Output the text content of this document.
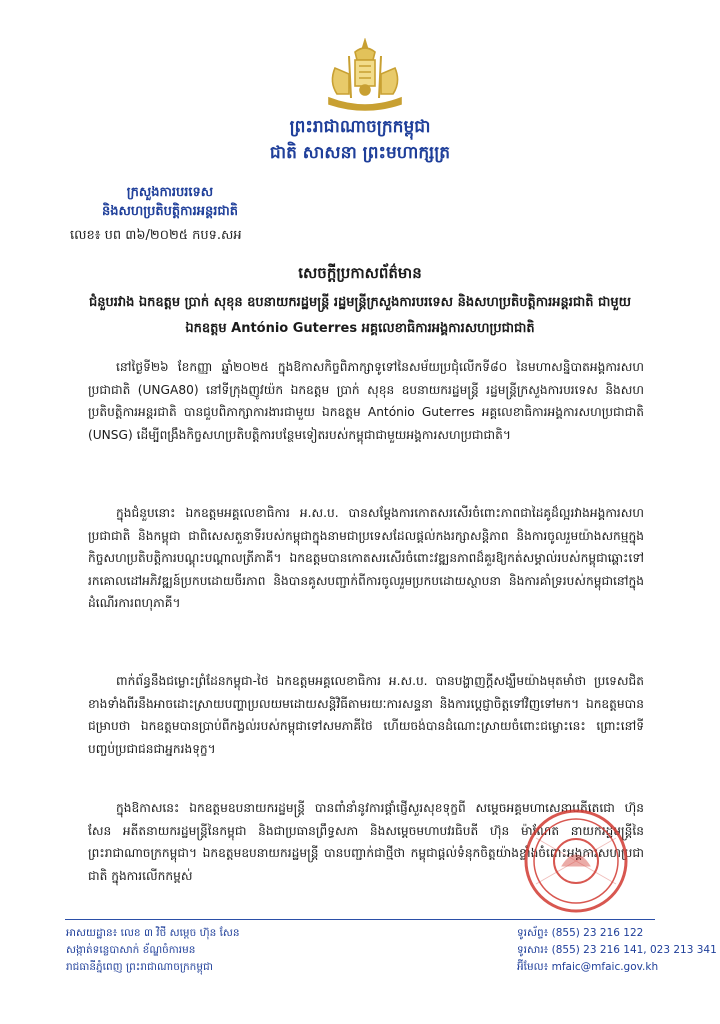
ព្រះរាជាណាចក្រកម្ពុជា
ជាតិ សាសនា ព្រះមហាក្សត្រ
ក្រសួងការបរទេស
និងសហប្រតិបត្តិការអន្តរជាតិ
លេខ៖ បព ៣៦/២០២៥ កបទ.សអ
សេចក្តីប្រកាសព័ត៌មាន
ជំនួបរវាង ឯកឧត្តម ប្រាក់ សុខុន ឧបនាយករដ្ឋមន្ត្រី រដ្ឋមន្ត្រីក្រសួងការបរទេស និងសហប្រតិបត្តិការអន្តរជាតិ ជាមួយឯកឧត្តម António Guterres អគ្គលេខាធិការអង្គការសហប្រជាជាតិ
នៅថ្ងៃទី២៦ ខែកញ្ញា ឆ្នាំ២០២៥ ក្នុងឱកាសកិច្ចពិភាក្សាទូទៅនៃសម័យប្រជុំលើកទី៨០ នៃមហាសន្និបាតអង្គការសហប្រជាជាតិ (UNGA80) នៅទីក្រុងញូវយ៉ក ឯកឧត្តម ប្រាក់ សុខុន ឧបនាយករដ្ឋមន្ត្រី រដ្ឋមន្ត្រីក្រសួងការបរទេស និងសហប្រតិបត្តិការអន្តរជាតិ បានជួបពិភាក្សាការងារជាមួយ ឯកឧត្តម António Guterres អគ្គលេខាធិការអង្គការសហប្រជាជាតិ (UNSG) ដើម្បីពង្រឹងកិច្ចសហប្រតិបត្តិការបន្ថែមទៀតរបស់កម្ពុជាជាមួយអង្គការសហប្រជាជាតិ។
ក្នុងជំនួបនោះ ឯកឧត្តមអគ្គលេខាធិការ អ.ស.ប. បានសម្តែងការកោតសរសើរចំពោះភាពជាដៃគូដ៏ល្អរវាងអង្គការសហប្រជាជាតិ និងកម្ពុជា ជាពិសេសតួនាទីរបស់កម្ពុជាក្នុងនាមជាប្រទេសដែលផ្តល់កងរក្សាសន្តិភាព និងការចូលរួមយ៉ាងសកម្មក្នុងកិច្ចសហប្រតិបត្តិការបណ្តុះបណ្តាលត្រីភាគី។ ឯកឧត្តមបានកោតសរសើរចំពោះវឌ្ឍនភាពដ៏គួរឱ្យកត់សម្គាល់របស់កម្ពុជាឆ្ពោះទៅរកគោលដៅអភិវឌ្ឍន៍ប្រកបដោយចីរភាព និងបានគូសបញ្ជាក់ពីការចូលរួមប្រកបដោយស្ថាបនា និងការគាំទ្ររបស់កម្ពុជានៅក្នុងដំណើរការពហុភាគី។
ពាក់ព័ន្ធនឹងជម្លោះព្រំដែនកម្ពុជា-ថៃ ឯកឧត្តមអគ្គលេខាធិការ អ.ស.ប. បានបង្ហាញក្តីសង្ឃឹមយ៉ាងមុតមាំថា ប្រទេសជិតខាងទាំងពីរនឹងអាចដោះស្រាយបញ្ហាប្រលយមដោយសន្តិវិធីតាមរយៈការសន្ទនា និងការប្តេជ្ញាចិត្តទៅវិញទៅមក។ ឯកឧត្តមបានជម្រាបថា ឯកឧត្តមបានប្រាប់ពីកង្វល់របស់កម្ពុជាទៅសមភាគីថៃ ហើយចង់បានដំណោះស្រាយចំពោះជម្លោះនេះ ព្រោះនៅទីបញ្ចប់ប្រជាជនជាអ្នករងទុក្ខ។
ក្នុងឱកាសនេះ ឯកឧត្តមឧបនាយករដ្ឋមន្ត្រី បានពាំនាំនូវការផ្តាំផ្ញើសួរសុខទុក្ខពី សម្តេចអគ្គមហាសេនាបតីតេជោ ហ៊ុន សែន អតីតនាយករដ្ឋមន្ត្រីនៃកម្ពុជា និងជាប្រធានព្រឹទ្ធសភា និងសម្តេចមហាបវរធិបតី ហ៊ុន ម៉ាណែត នាយករដ្ឋមន្ត្រីនៃព្រះរាជាណាចក្រកម្ពុជា។ ឯកឧត្តមឧបនាយករដ្ឋមន្ត្រី បានបញ្ជាក់ជាថ្មីថា កម្ពុជាផ្តល់ទំនុកចិត្តយ៉ាងខ្លាំងចំពោះអង្គការសហប្រជាជាតិ ក្នុងការលើកកម្ពស់
អាសយដ្ឋាន៖ លេខ ៣ វិថី សម្តេច ហ៊ុន សែន
សង្កាត់ទន្លេបាសាក់ ខ័ណ្ឌចំការមន
រាជធានីភ្នំពេញ ព្រះរាជាណាចក្រកម្ពុជា
ទូរស័ព្ទ៖ (855) 23 216 122
ទូរសារ៖ (855) 23 216 141, 023 213 341
អ៊ីមែល៖ mfaic@mfaic.gov.kh
